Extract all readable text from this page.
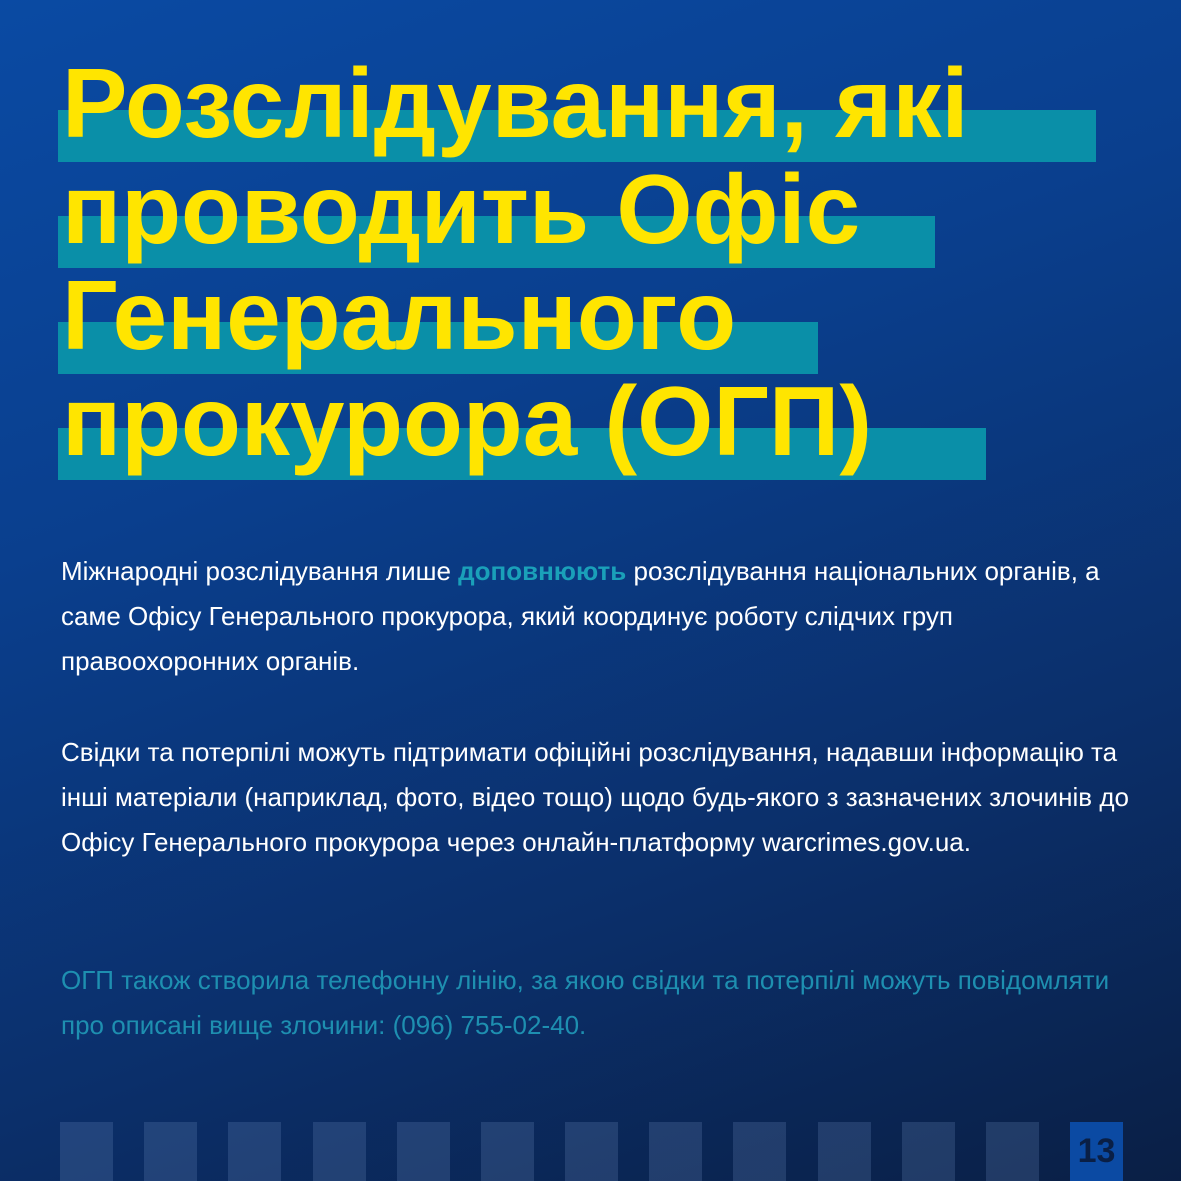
Розслідування, які
проводить Офіс
Генерального
прокурора (ОГП)
Міжнародні розслідування лише доповнюють розслідування національних органів, а саме Офісу Генерального прокурора, який координує роботу слідчих груп правоохоронних органів.
Свідки та потерпілі можуть підтримати офіційні розслідування, надавши інформацію та інші матеріали (наприклад, фото, відео тощо) щодо будь-якого з зазначених злочинів до Офісу Генерального прокурора через онлайн-платформу warcrimes.gov.ua.
ОГП також створила телефонну лінію, за якою свідки та потерпілі можуть повідомляти про описані вище злочини: (096) 755-02-40.
13
